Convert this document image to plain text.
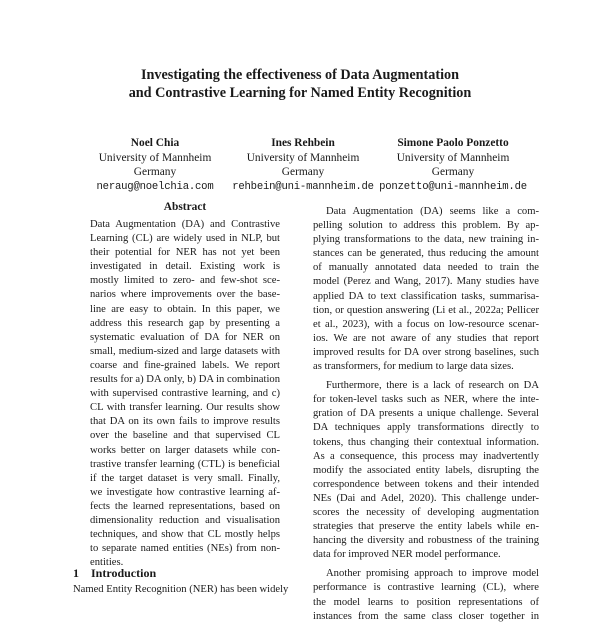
Investigating the effectiveness of Data Augmentation
and Contrastive Learning for Named Entity Recognition
Noel Chia
University of Mannheim
Germany
neraug@noelchia.com
Ines Rehbein
University of Mannheim
Germany
rehbein@uni-mannheim.de
Simone Paolo Ponzetto
University of Mannheim
Germany
ponzetto@uni-mannheim.de
Abstract
Data Augmentation (DA) and Contrastive
Learning (CL) are widely used in NLP, but
their potential for NER has not yet been
investigated in detail. Existing work is
mostly limited to zero- and few-shot sce-
narios where improvements over the base-
line are easy to obtain. In this paper, we
address this research gap by presenting a
systematic evaluation of DA for NER on
small, medium-sized and large datasets with
coarse and fine-grained labels. We report
results for a) DA only, b) DA in combination
with supervised contrastive learning, and c)
CL with transfer learning. Our results show
that DA on its own fails to improve results
over the baseline and that supervised CL
works better on larger datasets while con-
trastive transfer learning (CTL) is beneficial
if the target dataset is very small. Finally,
we investigate how contrastive learning af-
fects the learned representations, based on
dimensionality reduction and visualisation
techniques, and show that CL mostly helps
to separate named entities (NEs) from non-
entities.
1 Introduction
Named Entity Recognition (NER) has been widely
Data Augmentation (DA) seems like a com-
pelling solution to address this problem. By ap-
plying transformations to the data, new training in-
stances can be generated, thus reducing the amount
of manually annotated data needed to train the
model (Perez and Wang, 2017). Many studies have
applied DA to text classification tasks, summarisa-
tion, or question answering (Li et al., 2022a; Pellicer
et al., 2023), with a focus on low-resource scenar-
ios. We are not aware of any studies that report
improved results for DA over strong baselines, such
as transformers, for medium to large data sizes.
Furthermore, there is a lack of research on DA
for token-level tasks such as NER, where the inte-
gration of DA presents a unique challenge. Several
DA techniques apply transformations directly to
tokens, thus changing their contextual information.
As a consequence, this process may inadvertently
modify the associated entity labels, disrupting the
correspondence between tokens and their intended
NEs (Dai and Adel, 2020). This challenge under-
scores the necessity of developing augmentation
strategies that preserve the entity labels while en-
hancing the diversity and robustness of the training
data for improved NER model performance.
Another promising approach to improve model
performance is contrastive learning (CL), where
the model learns to position representations of
instances from the same class closer together in
